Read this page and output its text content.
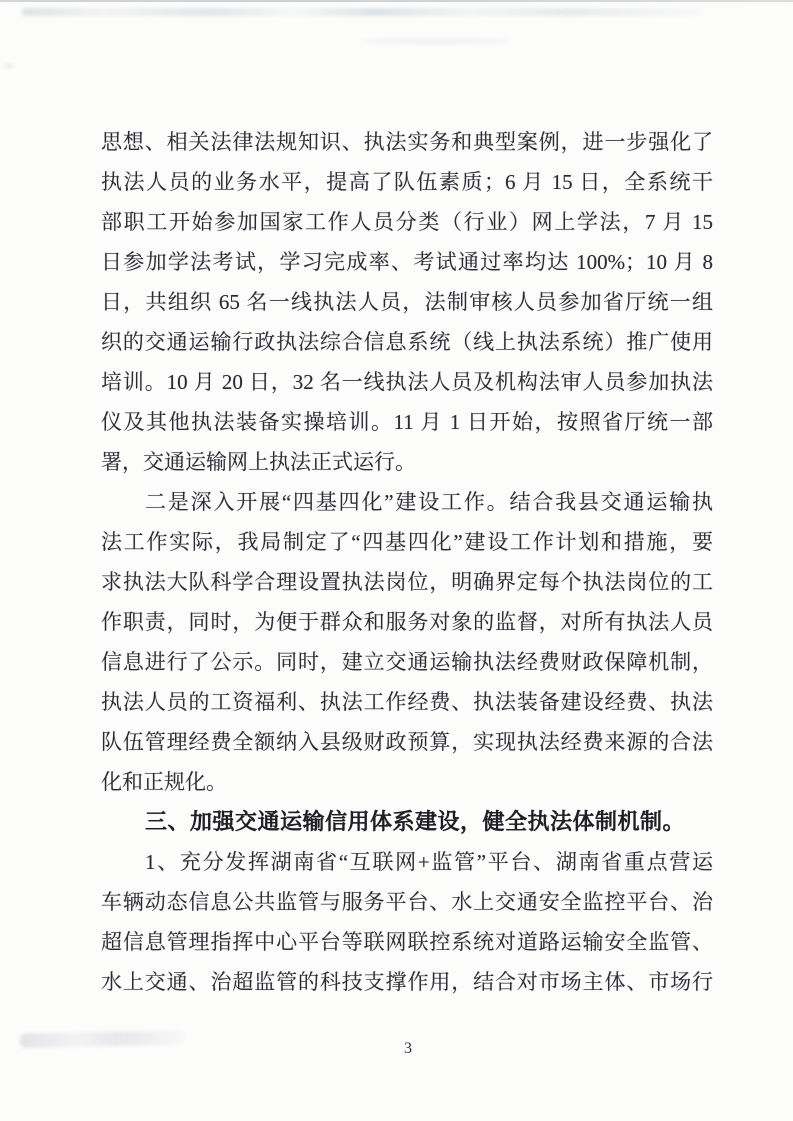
思想、相关法律法规知识、执法实务和典型案例，进一步强化了
执法人员的业务水平，提高了队伍素质；6 月 15 日，全系统干
部职工开始参加国家工作人员分类（行业）网上学法，7 月 15
日参加学法考试，学习完成率、考试通过率均达 100%；10 月 8
日，共组织 65 名一线执法人员，法制审核人员参加省厅统一组
织的交通运输行政执法综合信息系统（线上执法系统）推广使用
培训。10 月 20 日，32 名一线执法人员及机构法审人员参加执法
仪及其他执法装备实操培训。11 月 1 日开始，按照省厅统一部
署，交通运输网上执法正式运行。
二是深入开展“四基四化”建设工作。结合我县交通运输执
法工作实际，我局制定了“四基四化”建设工作计划和措施，要
求执法大队科学合理设置执法岗位，明确界定每个执法岗位的工
作职责，同时，为便于群众和服务对象的监督，对所有执法人员
信息进行了公示。同时，建立交通运输执法经费财政保障机制，
执法人员的工资福利、执法工作经费、执法装备建设经费、执法
队伍管理经费全额纳入县级财政预算，实现执法经费来源的合法
化和正规化。
三、加强交通运输信用体系建设，健全执法体制机制。
1、充分发挥湖南省“互联网+监管”平台、湖南省重点营运
车辆动态信息公共监管与服务平台、水上交通安全监控平台、治
超信息管理指挥中心平台等联网联控系统对道路运输安全监管、
水上交通、治超监管的科技支撑作用，结合对市场主体、市场行
3
